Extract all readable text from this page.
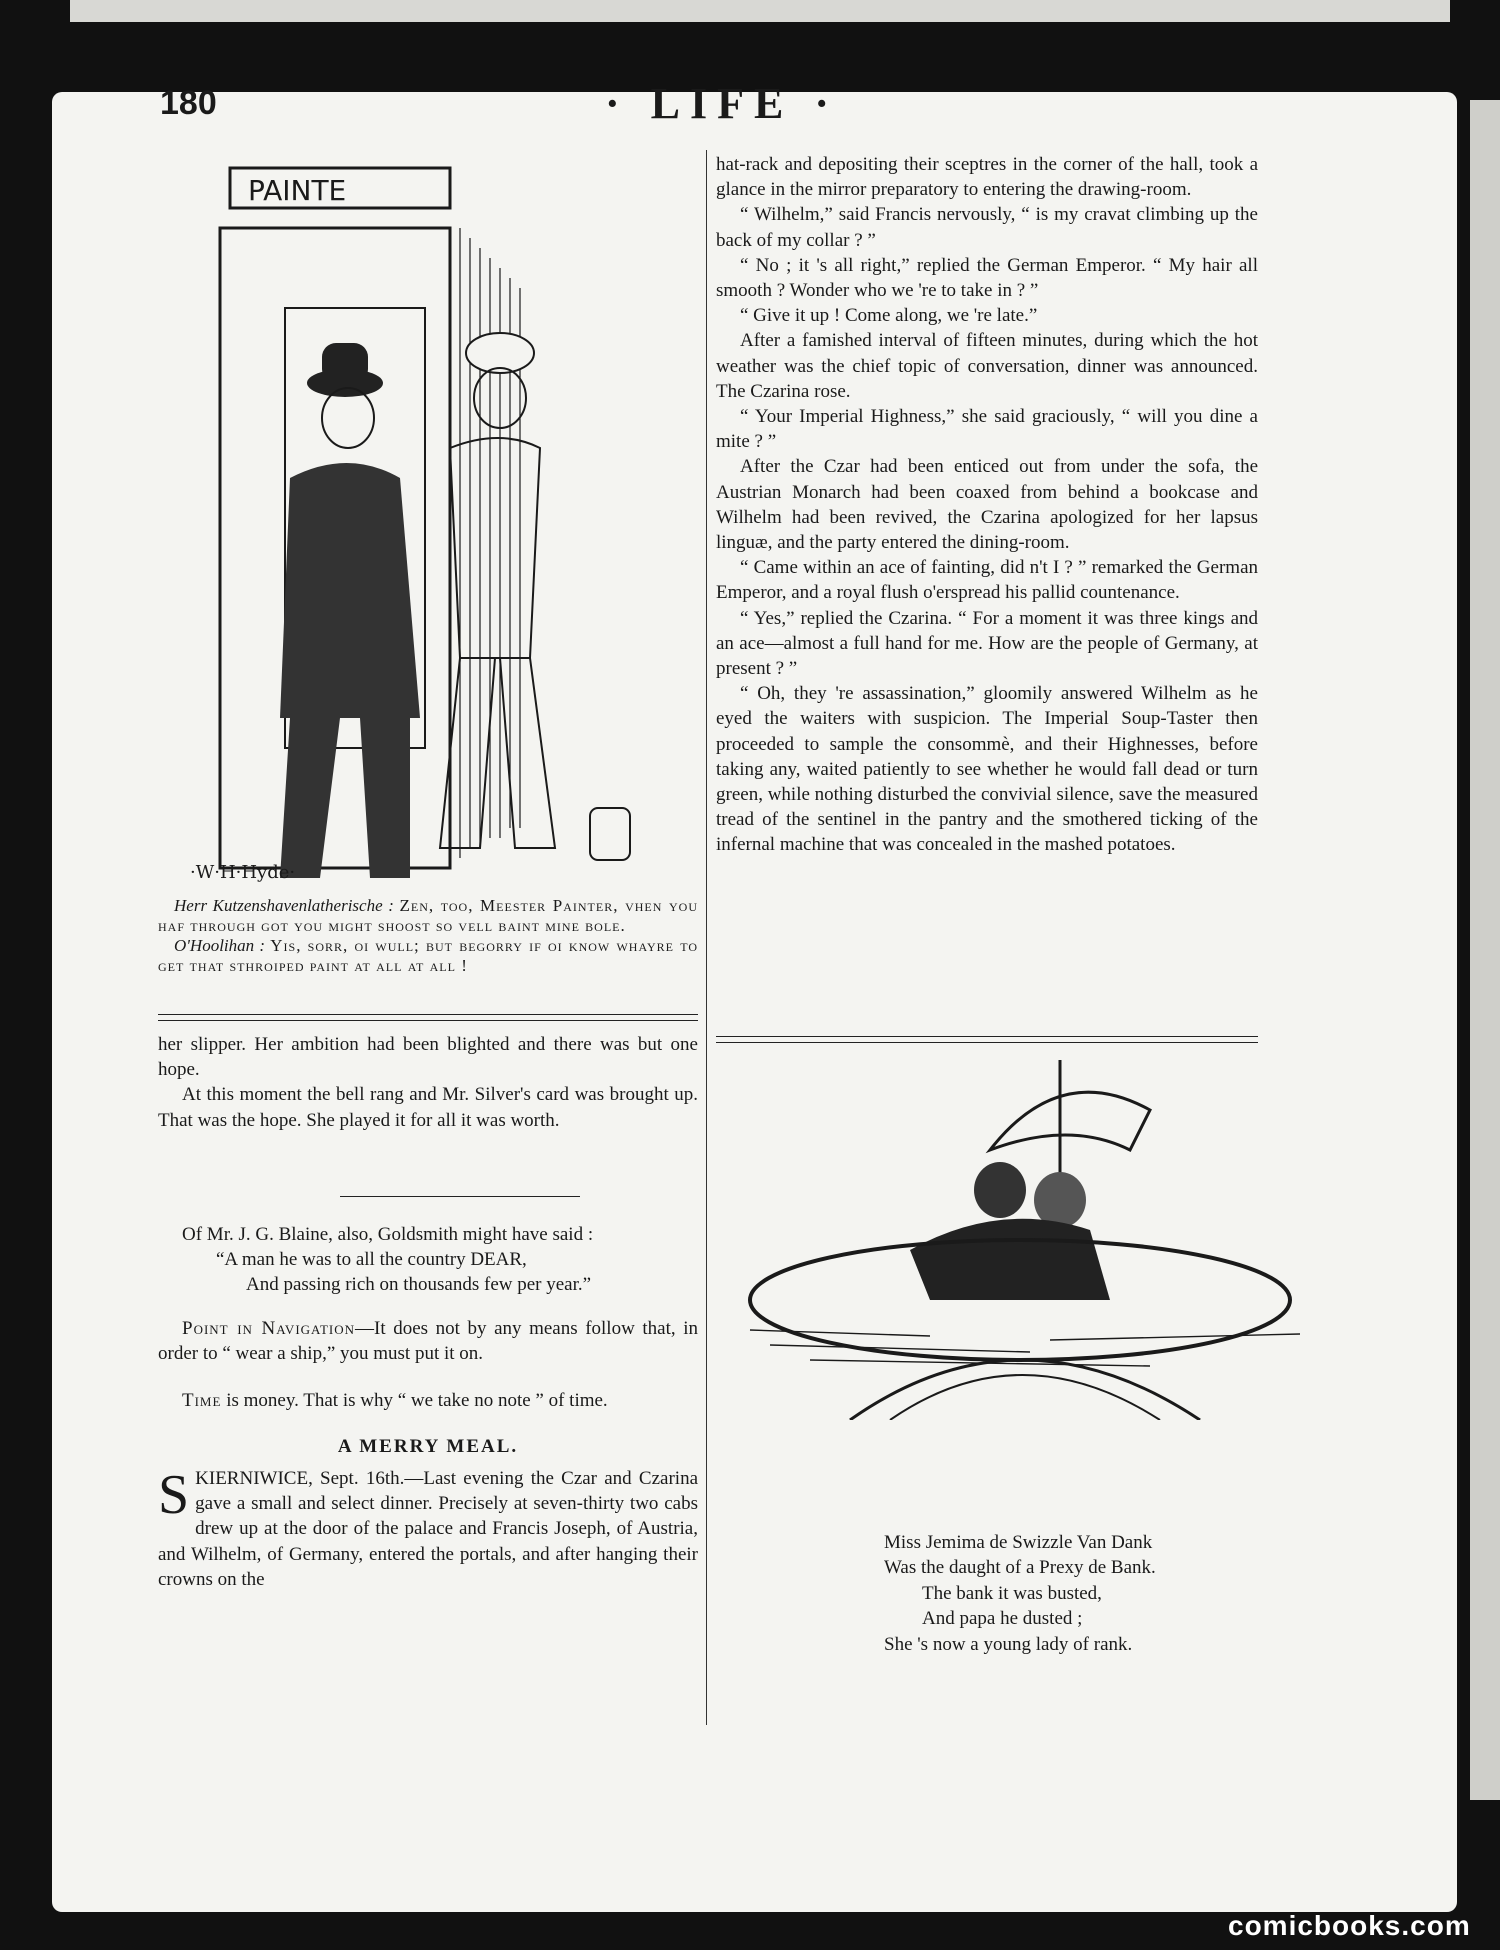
180	· LIFE ·
PAINTE
·W·H·Hyde·

Herr Kutzenshavenlatherische : Zen, too, Meester Painter, vhen you haf through got you might shoost so vell baint mine bole.

O'Hoolihan : Yis, sorr, oi wull; but begorry if oi know whayre to get that sthroiped paint at all at all !

her slipper. Her ambition had been blighted and there was but one hope.

At this moment the bell rang and Mr. Silver's card was brought up. That was the hope. She played it for all it was worth.

Of Mr. J. G. Blaine, also, Goldsmith might have said :
“A man he was to all the country DEAR,
And passing rich on thousands few per year.”
Point in Navigation—It does not by any means follow that, in order to “ wear a ship,” you must put it on.
Time is money. That is why “ we take no note ” of time.
A MERRY MEAL.
SKIERNIWICE, Sept. 16th.—Last evening the Czar and Czarina gave a small and select dinner. Precisely at seven-thirty two cabs drew up at the door of the palace and Francis Joseph, of Austria, and Wilhelm, of Germany, entered the portals, and after hanging their crowns on the

hat-rack and depositing their sceptres in the corner of the hall, took a glance in the mirror preparatory to entering the drawing-room.

“ Wilhelm,” said Francis nervously, “ is my cravat climbing up the back of my collar ? ”

“ No ; it 's all right,” replied the German Emperor. “ My hair all smooth ? Wonder who we 're to take in ? ”

“ Give it up ! Come along, we 're late.”

After a famished interval of fifteen minutes, during which the hot weather was the chief topic of conversation, dinner was announced. The Czarina rose.

“ Your Imperial Highness,” she said graciously, “ will you dine a mite ? ”

After the Czar had been enticed out from under the sofa, the Austrian Monarch had been coaxed from behind a bookcase and Wilhelm had been revived, the Czarina apologized for her lapsus linguæ, and the party entered the dining-room.

“ Came within an ace of fainting, did n't I ? ” remarked the German Emperor, and a royal flush o'erspread his pallid countenance.

“ Yes,” replied the Czarina. “ For a moment it was three kings and an ace—almost a full hand for me. How are the people of Germany, at present ? ”

“ Oh, they 're assassination,” gloomily answered Wilhelm as he eyed the waiters with suspicion. The Imperial Soup-Taster then proceeded to sample the consommè, and their Highnesses, before taking any, waited patiently to see whether he would fall dead or turn green, while nothing disturbed the convivial silence, save the measured tread of the sentinel in the pantry and the smothered ticking of the infernal machine that was concealed in the mashed potatoes.

Miss Jemima de Swizzle Van Dank
Was the daught of a Prexy de Bank.
The bank it was busted,
And papa he dusted ;
She 's now a young lady of rank.
comicbooks.com
